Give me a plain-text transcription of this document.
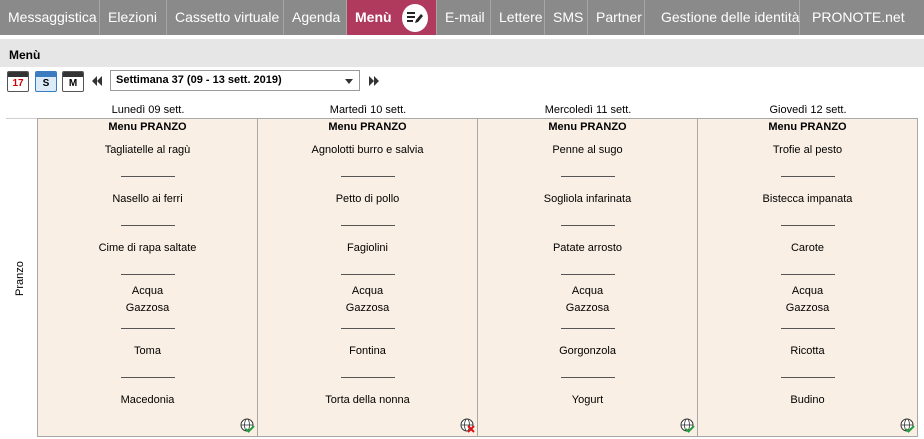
Messaggistica Elezioni Cassetto virtuale Agenda Menù	E-mail Lettere SMS Partner Gestione delle identità PRONOTE.net
Menù
17	S	M	Settimana 37 (09 - 13 sett. 2019)
Lunedì 09 sett.	Martedì 10 sett.	Mercoledì 11 sett.	Giovedì 12 sett.
Pranzo
Menu PRANZO
Tagliatelle al ragù
Nasello ai ferri
Cime di rapa saltate
Acqua
Gazzosa
Toma
Macedonia
Menu PRANZO
Agnolotti burro e salvia
Petto di pollo
Fagiolini
Acqua
Gazzosa
Fontina
Torta della nonna
Menu PRANZO
Penne al sugo
Sogliola infarinata
Patate arrosto
Acqua
Gazzosa
Gorgonzola
Yogurt
Menu PRANZO
Trofie al pesto
Bistecca impanata
Carote
Acqua
Gazzosa
Ricotta
Budino
